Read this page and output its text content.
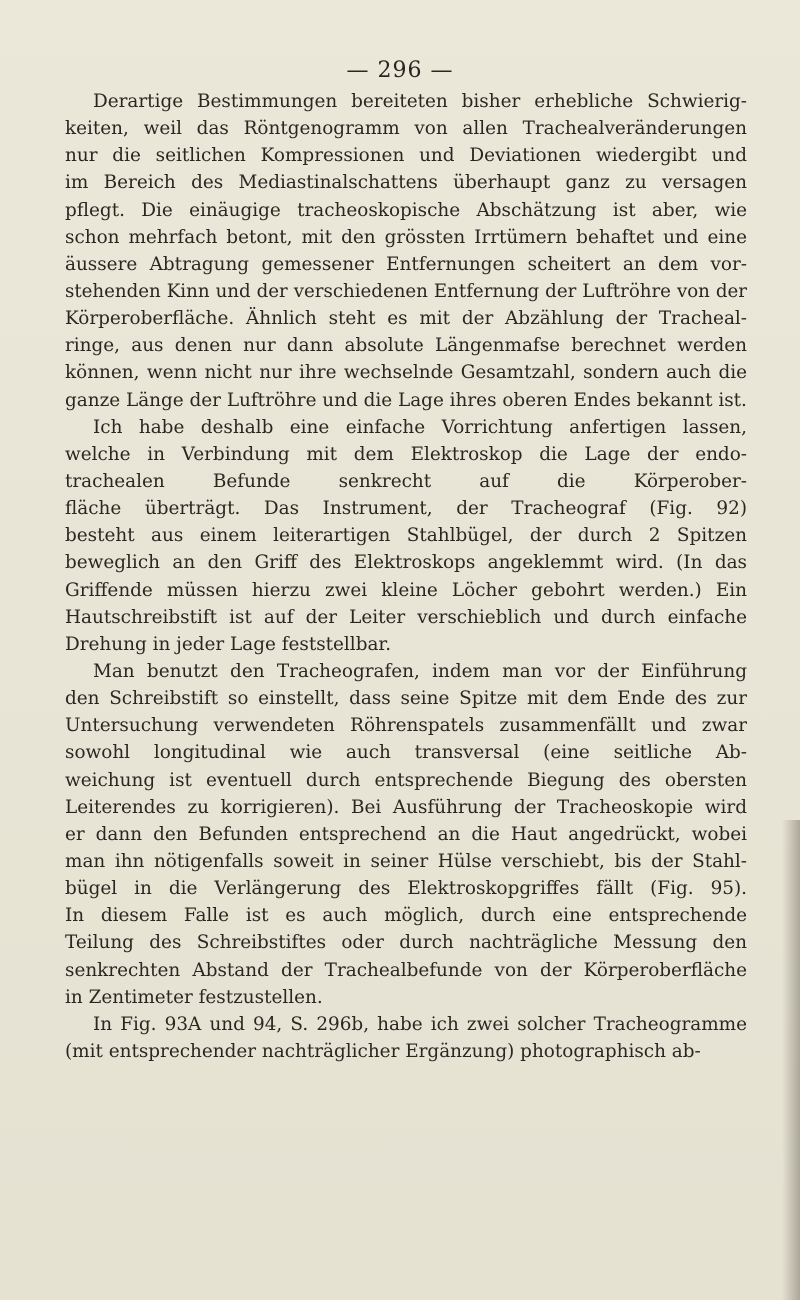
— 296 —
Derartige Bestimmungen bereiteten bisher erhebliche Schwierig-
keiten, weil das Röntgenogramm von allen Trachealveränderungen
nur die seitlichen Kompressionen und Deviationen wiedergibt und
im Bereich des Mediastinalschattens überhaupt ganz zu versagen
pflegt. Die einäugige tracheoskopische Abschätzung ist aber, wie
schon mehrfach betont, mit den grössten Irrtümern behaftet und eine
äussere Abtragung gemessener Entfernungen scheitert an dem vor-
stehenden Kinn und der verschiedenen Entfernung der Luftröhre von der
Körperoberfläche. Ähnlich steht es mit der Abzählung der Tracheal-
ringe, aus denen nur dann absolute Längenmafse berechnet werden
können, wenn nicht nur ihre wechselnde Gesamtzahl, sondern auch die
ganze Länge der Luftröhre und die Lage ihres oberen Endes bekannt ist.
Ich habe deshalb eine einfache Vorrichtung anfertigen lassen,
welche in Verbindung mit dem Elektroskop die Lage der endo-
trachealen Befunde senkrecht auf die Körperober-
fläche überträgt. Das Instrument, der Tracheograf (Fig. 92)
besteht aus einem leiterartigen Stahlbügel, der durch 2 Spitzen
beweglich an den Griff des Elektroskops angeklemmt wird. (In das
Griffende müssen hierzu zwei kleine Löcher gebohrt werden.) Ein
Hautschreibstift ist auf der Leiter verschieblich und durch einfache
Drehung in jeder Lage feststellbar.
Man benutzt den Tracheografen, indem man vor der Einführung
den Schreibstift so einstellt, dass seine Spitze mit dem Ende des zur
Untersuchung verwendeten Röhrenspatels zusammenfällt und zwar
sowohl longitudinal wie auch transversal (eine seitliche Ab-
weichung ist eventuell durch entsprechende Biegung des obersten
Leiterendes zu korrigieren). Bei Ausführung der Tracheoskopie wird
er dann den Befunden entsprechend an die Haut angedrückt, wobei
man ihn nötigenfalls soweit in seiner Hülse verschiebt, bis der Stahl-
bügel in die Verlängerung des Elektroskopgriffes fällt (Fig. 95).
In diesem Falle ist es auch möglich, durch eine entsprechende
Teilung des Schreibstiftes oder durch nachträgliche Messung den
senkrechten Abstand der Trachealbefunde von der Körperoberfläche
in Zentimeter festzustellen.
In Fig. 93A und 94, S. 296b, habe ich zwei solcher Tracheogramme
(mit entsprechender nachträglicher Ergänzung) photographisch ab-
